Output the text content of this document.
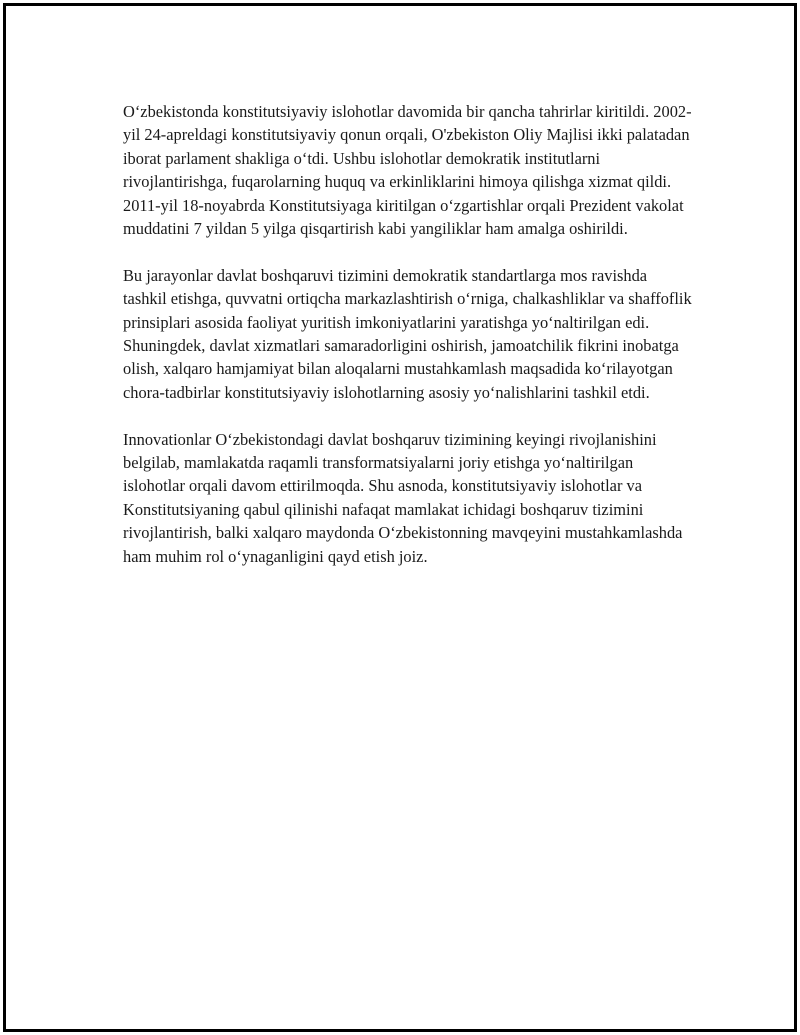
O‘zbekistonda konstitutsiyaviy islohotlar davomida bir qancha tahrirlar kiritildi. 2002-yil 24-apreldagi konstitutsiyaviy qonun orqali, O'zbekiston Oliy Majlisi ikki palatadan iborat parlament shakliga o‘tdi. Ushbu islohotlar demokratik institutlarni rivojlantirishga, fuqarolarning huquq va erkinliklarini himoya qilishga xizmat qildi. 2011-yil 18-noyabrda Konstitutsiyaga kiritilgan o‘zgartishlar orqali Prezident vakolat muddatini 7 yildan 5 yilga qisqartirish kabi yangiliklar ham amalga oshirildi.

Bu jarayonlar davlat boshqaruvi tizimini demokratik standartlarga mos ravishda tashkil etishga, quvvatni ortiqcha markazlashtirish o‘rniga, chalkashliklar va shaffoflik prinsiplari asosida faoliyat yuritish imkoniyatlarini yaratishga yo‘naltirilgan edi. Shuningdek, davlat xizmatlari samaradorligini oshirish, jamoatchilik fikrini inobatga olish, xalqaro hamjamiyat bilan aloqalarni mustahkamlash maqsadida ko‘rilayotgan chora-tadbirlar konstitutsiyaviy islohotlarning asosiy yo‘nalishlarini tashkil etdi.

Innovationlar O‘zbekistondagi davlat boshqaruv tizimining keyingi rivojlanishini belgilab, mamlakatda raqamli transformatsiyalarni joriy etishga yo‘naltirilgan islohotlar orqali davom ettirilmoqda. Shu asnoda, konstitutsiyaviy islohotlar va Konstitutsiyaning qabul qilinishi nafaqat mamlakat ichidagi boshqaruv tizimini rivojlantirish, balki xalqaro maydonda O‘zbekistonning mavqeyini mustahkamlashda ham muhim rol o‘ynaganligini qayd etish joiz.
